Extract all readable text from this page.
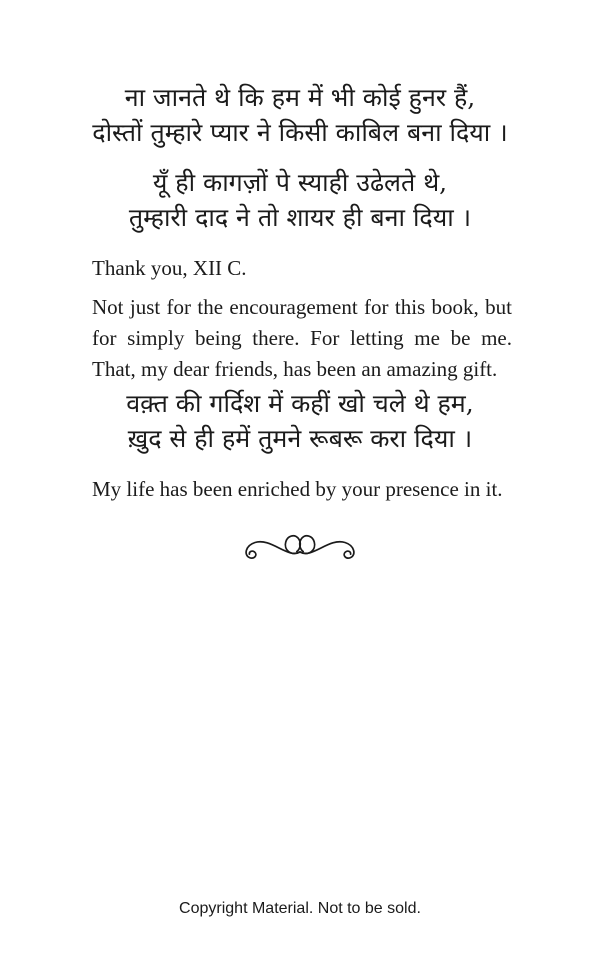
ना जानते थे कि हम में भी कोई हुनर हैं,
दोस्तों तुम्हारे प्यार ने किसी काबिल बना दिया ।
यूँ ही कागज़ों पे स्याही उढेलते थे,
तुम्हारी दाद ने तो शायर ही बना दिया ।

Thank you, XII C.

Not just for the encouragement for this book, but for simply being there. For letting me be me. That, my dear friends, has been an amazing gift.

वक़्त की गर्दिश में कहीं खो चले थे हम,
ख़ुद से ही हमें तुमने रूबरू करा दिया ।

My life has been enriched by your presence in it.

Copyright Material. Not to be sold.
